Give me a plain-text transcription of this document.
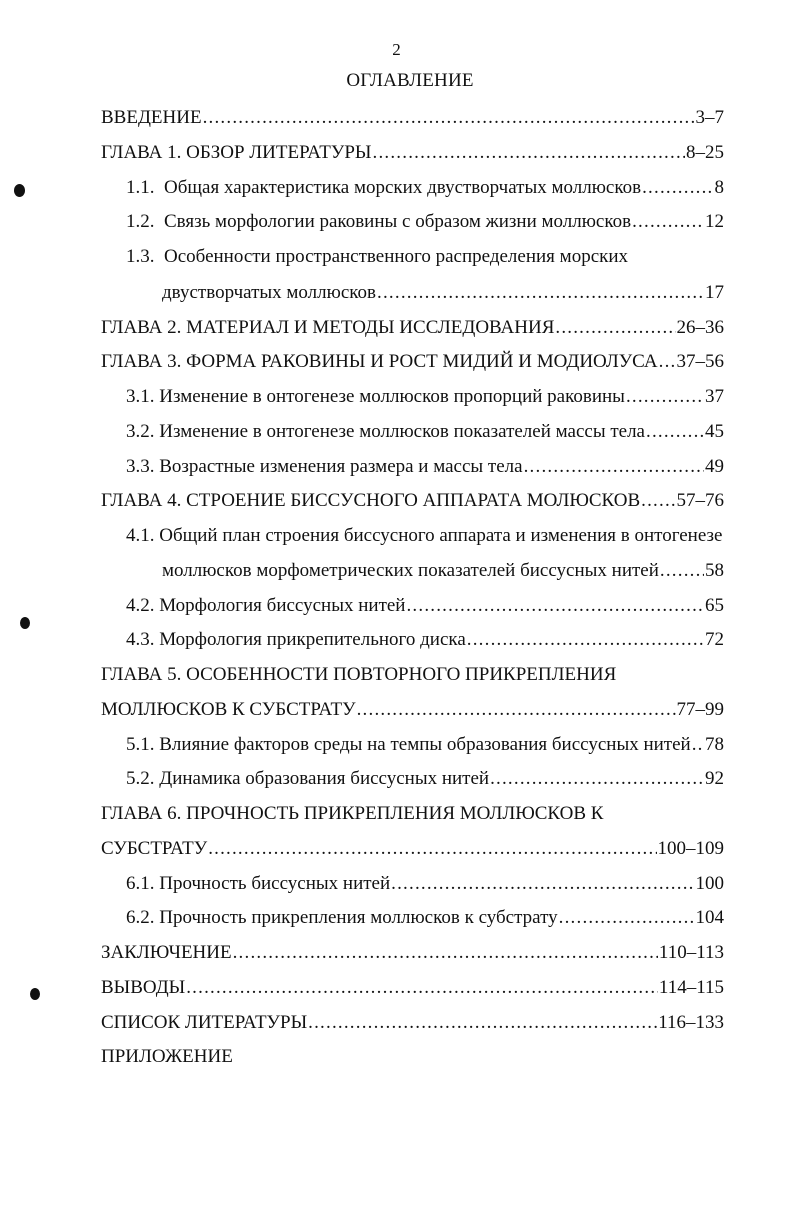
2
ОГЛАВЛЕНИЕ
ВВЕДЕНИЕ .....	3–7
ГЛАВА 1. ОБЗОР ЛИТЕРАТУРЫ .....	8–25
1.1. Общая характеристика морских двустворчатых моллюсков .....	8
1.2. Связь морфологии раковины с образом жизни моллюсков .....	12
1.3. Особенности пространственного распределения морских
двустворчатых моллюсков .....	17
ГЛАВА 2. МАТЕРИАЛ И МЕТОДЫ ИССЛЕДОВАНИЯ .....	26–36
ГЛАВА 3. ФОРМА РАКОВИНЫ И РОСТ МИДИЙ И МОДИОЛУСА ..... 37–56
3.1. Изменение в онтогенезе моллюсков пропорций раковины .....	37
3.2. Изменение в онтогенезе моллюсков показателей массы тела .....	45
3.3. Возрастные изменения размера и массы тела .....	49
ГЛАВА 4. СТРОЕНИЕ БИССУСНОГО АППАРАТА МОЛЮСКОВ ..... 57–76
4.1. Общий план строения биссусного аппарата и изменения в онтогенезе
моллюсков морфометрических показателей биссусных нитей ..... 58
4.2. Морфология биссусных нитей .....	65
4.3. Морфология прикрепительного диска .....	72
ГЛАВА 5. ОСОБЕННОСТИ ПОВТОРНОГО ПРИКРЕПЛЕНИЯ
МОЛЛЮСКОВ К СУБСТРАТУ .....	77–99
5.1. Влияние факторов среды на темпы образования биссусных нитей ..... 78
5.2. Динамика образования биссусных нитей .....	92
ГЛАВА 6. ПРОЧНОСТЬ ПРИКРЕПЛЕНИЯ МОЛЛЮСКОВ К
СУБСТРАТУ .....	100–109
6.1. Прочность биссусных нитей .....	100
6.2. Прочность прикрепления моллюсков к субстрату .....	104
ЗАКЛЮЧЕНИЕ .....	110–113
ВЫВОДЫ .....	114–115
СПИСОК ЛИТЕРАТУРЫ .....	116–133
ПРИЛОЖЕНИЕ
